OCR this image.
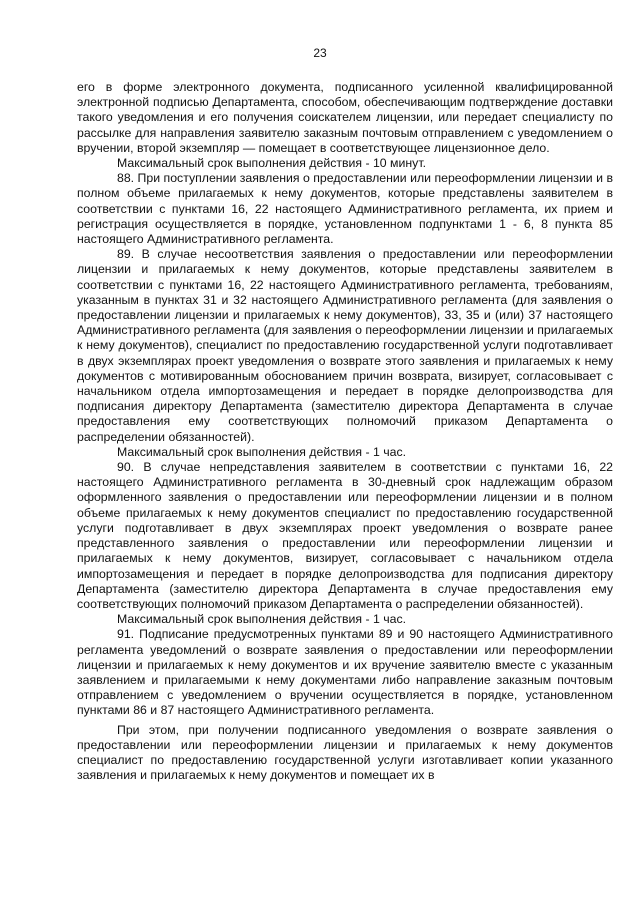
23

его в форме электронного документа, подписанного усиленной квалифицированной электронной подписью Департамента, способом, обеспечивающим подтверждение доставки такого уведомления и его получения соискателем лицензии, или передает специалисту по рассылке для направления заявителю заказным почтовым отправлением с уведомлением о вручении, второй экземпляр — помещает в соответствующее лицензионное дело.

Максимальный срок выполнения действия - 10 минут.

88. При поступлении заявления о предоставлении или переоформлении лицензии и в полном объеме прилагаемых к нему документов, которые представлены заявителем в соответствии с пунктами 16, 22 настоящего Административного регламента, их прием и регистрация осуществляется в порядке, установленном подпунктами 1 - 6, 8 пункта 85 настоящего Административного регламента.

89. В случае несоответствия заявления о предоставлении или переоформлении лицензии и прилагаемых к нему документов, которые представлены заявителем в соответствии с пунктами 16, 22 настоящего Административного регламента, требованиям, указанным в пунктах 31 и 32 настоящего Административного регламента (для заявления о предоставлении лицензии и прилагаемых к нему документов), 33, 35 и (или) 37 настоящего Административного регламента (для заявления о переоформлении лицензии и прилагаемых к нему документов), специалист по предоставлению государственной услуги подготавливает в двух экземплярах проект уведомления о возврате этого заявления и прилагаемых к нему документов с мотивированным обоснованием причин возврата, визирует, согласовывает с начальником отдела импортозамещения и передает в порядке делопроизводства для подписания директору Департамента (заместителю директора Департамента в случае предоставления ему соответствующих полномочий приказом Департамента о распределении обязанностей).

Максимальный срок выполнения действия - 1 час.

90. В случае непредставления заявителем в соответствии с пунктами 16, 22 настоящего Административного регламента в 30-дневный срок надлежащим образом оформленного заявления о предоставлении или переоформлении лицензии и в полном объеме прилагаемых к нему документов специалист по предоставлению государственной услуги подготавливает в двух экземплярах проект уведомления о возврате ранее представленного заявления о предоставлении или переоформлении лицензии и прилагаемых к нему документов, визирует, согласовывает с начальником отдела импортозамещения и передает в порядке делопроизводства для подписания директору Департамента (заместителю директора Департамента в случае предоставления ему соответствующих полномочий приказом Департамента о распределении обязанностей).

Максимальный срок выполнения действия - 1 час.

91. Подписание предусмотренных пунктами 89 и 90 настоящего Административного регламента уведомлений о возврате заявления о предоставлении или переоформлении лицензии и прилагаемых к нему документов и их вручение заявителю вместе с указанным заявлением и прилагаемыми к нему документами либо направление заказным почтовым отправлением с уведомлением о вручении осуществляется в порядке, установленном пунктами 86 и 87 настоящего Административного регламента.

При этом, при получении подписанного уведомления о возврате заявления о предоставлении или переоформлении лицензии и прилагаемых к нему документов специалист по предоставлению государственной услуги изготавливает копии указанного заявления и прилагаемых к нему документов и помещает их в
